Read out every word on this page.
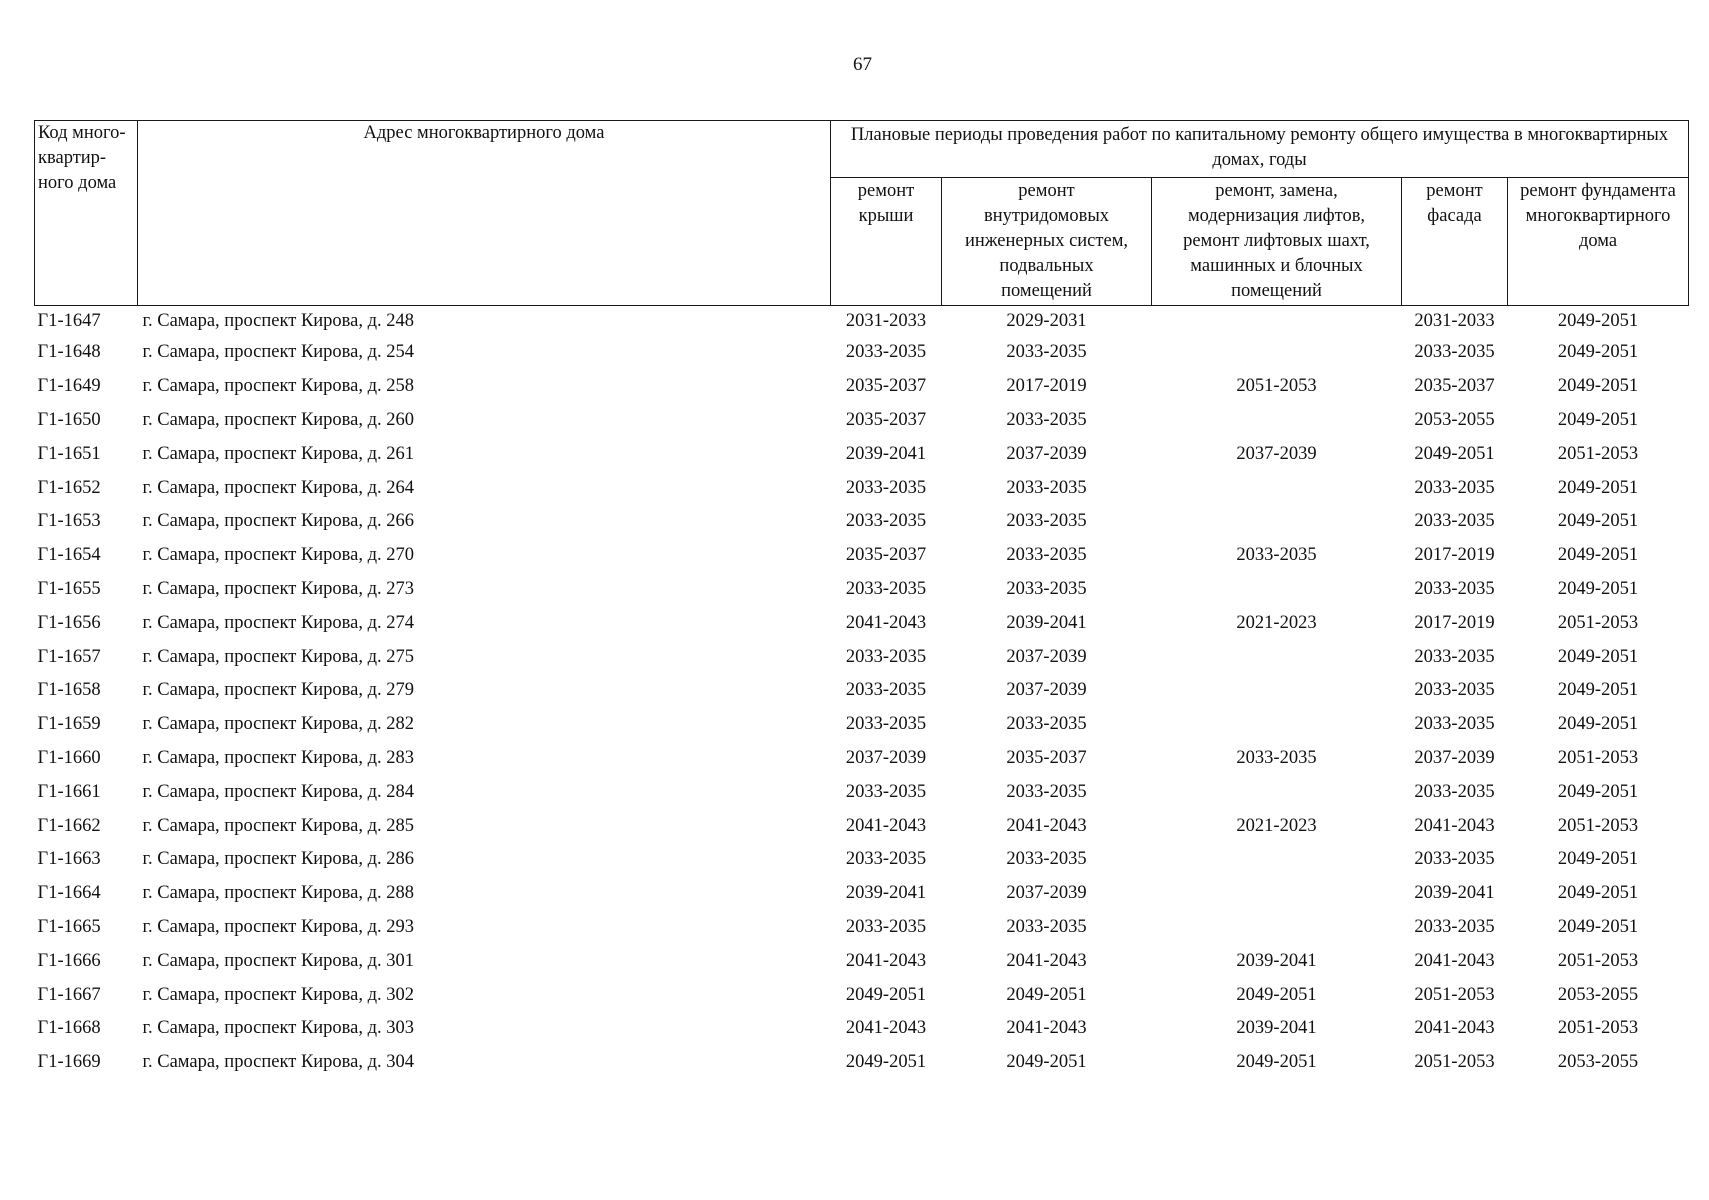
67
Код много-
квартир-
ного дома	Адрес многоквартирного дома	Плановые периоды проведения работ по капитальному ремонту общего имущества в многоквартирных домах, годы				
		ремонт
крыши	ремонт
внутридомовых
инженерных систем,
подвальных
помещений	ремонт, замена,
модернизация лифтов,
ремонт лифтовых шахт,
машинных и блочных
помещений	ремонт
фасада	ремонт фундамента
многоквартирного
дома
Г1-1647	г. Самара, проспект Кирова, д. 248	2031-2033	2029-2031		2031-2033	2049-2051
Г1-1648	г. Самара, проспект Кирова, д. 254	2033-2035	2033-2035		2033-2035	2049-2051
Г1-1649	г. Самара, проспект Кирова, д. 258	2035-2037	2017-2019	2051-2053	2035-2037	2049-2051
Г1-1650	г. Самара, проспект Кирова, д. 260	2035-2037	2033-2035		2053-2055	2049-2051
Г1-1651	г. Самара, проспект Кирова, д. 261	2039-2041	2037-2039	2037-2039	2049-2051	2051-2053
Г1-1652	г. Самара, проспект Кирова, д. 264	2033-2035	2033-2035		2033-2035	2049-2051
Г1-1653	г. Самара, проспект Кирова, д. 266	2033-2035	2033-2035		2033-2035	2049-2051
Г1-1654	г. Самара, проспект Кирова, д. 270	2035-2037	2033-2035	2033-2035	2017-2019	2049-2051
Г1-1655	г. Самара, проспект Кирова, д. 273	2033-2035	2033-2035		2033-2035	2049-2051
Г1-1656	г. Самара, проспект Кирова, д. 274	2041-2043	2039-2041	2021-2023	2017-2019	2051-2053
Г1-1657	г. Самара, проспект Кирова, д. 275	2033-2035	2037-2039		2033-2035	2049-2051
Г1-1658	г. Самара, проспект Кирова, д. 279	2033-2035	2037-2039		2033-2035	2049-2051
Г1-1659	г. Самара, проспект Кирова, д. 282	2033-2035	2033-2035		2033-2035	2049-2051
Г1-1660	г. Самара, проспект Кирова, д. 283	2037-2039	2035-2037	2033-2035	2037-2039	2051-2053
Г1-1661	г. Самара, проспект Кирова, д. 284	2033-2035	2033-2035		2033-2035	2049-2051
Г1-1662	г. Самара, проспект Кирова, д. 285	2041-2043	2041-2043	2021-2023	2041-2043	2051-2053
Г1-1663	г. Самара, проспект Кирова, д. 286	2033-2035	2033-2035		2033-2035	2049-2051
Г1-1664	г. Самара, проспект Кирова, д. 288	2039-2041	2037-2039		2039-2041	2049-2051
Г1-1665	г. Самара, проспект Кирова, д. 293	2033-2035	2033-2035		2033-2035	2049-2051
Г1-1666	г. Самара, проспект Кирова, д. 301	2041-2043	2041-2043	2039-2041	2041-2043	2051-2053
Г1-1667	г. Самара, проспект Кирова, д. 302	2049-2051	2049-2051	2049-2051	2051-2053	2053-2055
Г1-1668	г. Самара, проспект Кирова, д. 303	2041-2043	2041-2043	2039-2041	2041-2043	2051-2053
Г1-1669	г. Самара, проспект Кирова, д. 304	2049-2051	2049-2051	2049-2051	2051-2053	2053-2055
